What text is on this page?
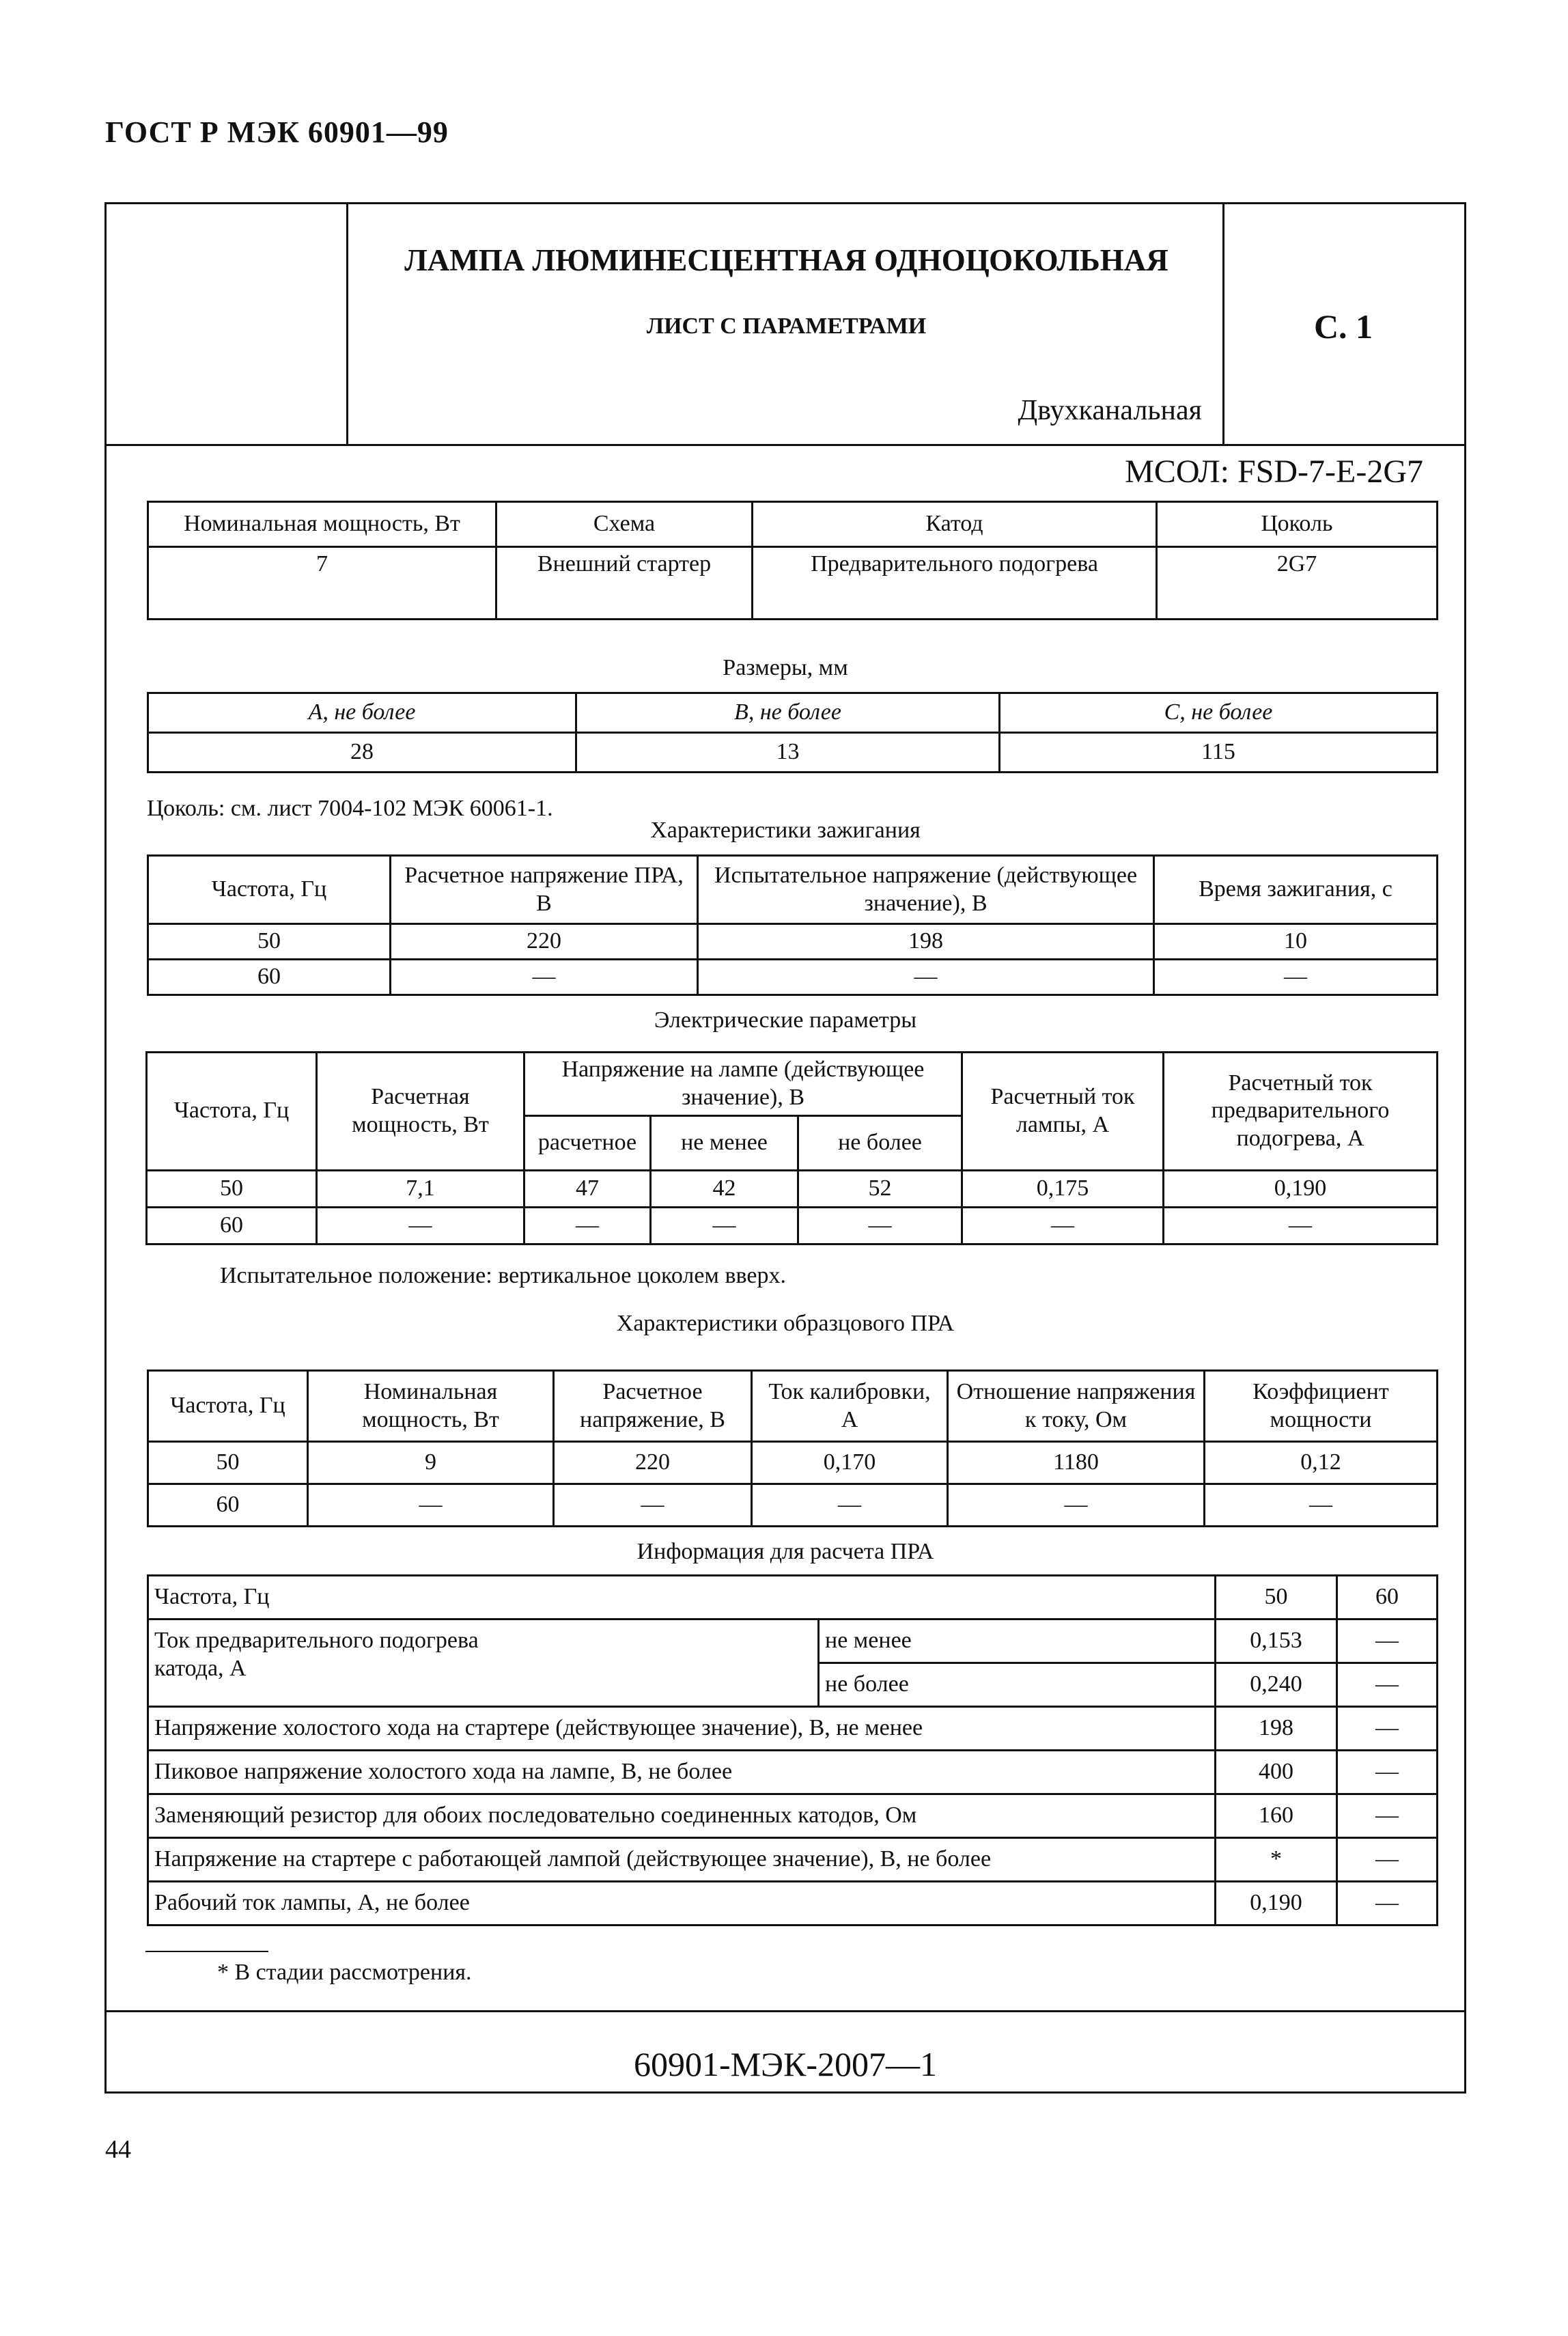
ГОСТ Р МЭК 60901—99
ЛАМПА ЛЮМИНЕСЦЕНТНАЯ ОДНОЦОКОЛЬНАЯ
ЛИСТ С ПАРАМЕТРАМИ
Двухканальная
С. 1
МСОЛ: FSD-7-E-2G7
Номинальная мощность, Вт	Схема	Катод	Цоколь
7	Внешний стартер	Предварительного подогрева	2G7
Размеры, мм
A, не более	B, не более	C, не более
28	13	115
Цоколь: см. лист 7004-102 МЭК 60061-1.
Характеристики зажигания
Частота, Гц	Расчетное напряжение ПРА, В	Испытательное напряжение (действующее значение), В	Время зажигания, с
50	220	198	10
60	—	—	—
Электрические параметры
Частота, Гц	Расчетная мощность, Вт	Напряжение на лампе (действующее значение), В			Расчетный ток лампы, А	Расчетный ток предварительного подогрева, А
		расчетное	не менее	не более		
50	7,1	47	42	52	0,175	0,190
60	—	—	—	—	—	—
Испытательное положение: вертикальное цоколем вверх.
Характеристики образцового ПРА
Частота, Гц	Номинальная мощность, Вт	Расчетное напряжение, В	Ток калибровки, А	Отношение напряжения к току, Ом	Коэффициент мощности
50	9	220	0,170	1180	0,12
60	—	—	—	—	—
Информация для расчета ПРА
Частота, Гц		50	60
Ток предварительного подогрева катода, А	не менее	0,153	—
	не более	0,240	—
Напряжение холостого хода на стартере (действующее значение), В, не менее		198	—
Пиковое напряжение холостого хода на лампе, В, не более		400	—
Заменяющий резистор для обоих последовательно соединенных катодов, Ом		160	—
Напряжение на стартере с работающей лампой (действующее значение), В, не более		*	—
Рабочий ток лампы, А, не более		0,190	—
* В стадии рассмотрения.
60901-МЭК-2007—1
44
